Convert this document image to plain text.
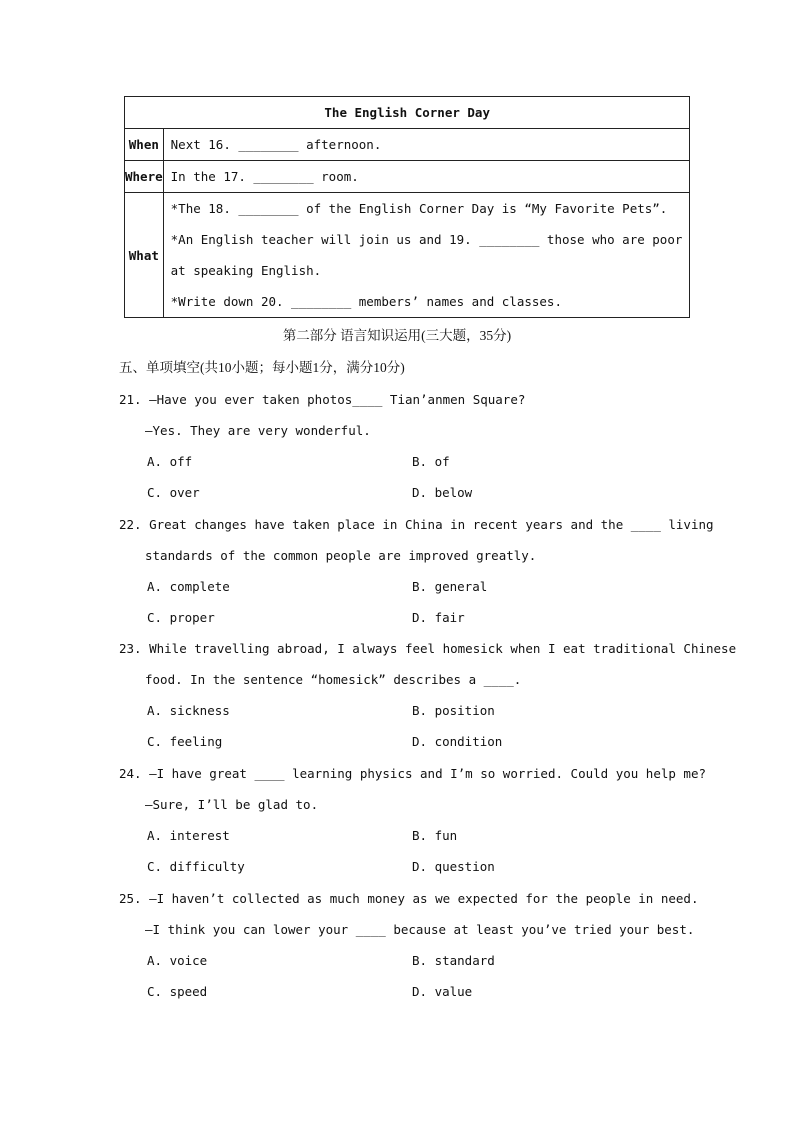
The English Corner Day	
When	Next 16. ________ afternoon.
Where	In the 17. ________ room.
What	*The 18. ________ of the English Corner Day is “My Favorite Pets”.
*An English teacher will join us and 19. ________ those who are poor
at speaking English.
*Write down 20. ________ members’ names and classes.
第二部分 语言知识运用(三大题，35分)
五、单项填空(共10小题；每小题1分，满分10分)
21. —Have you ever taken photos____ Tian’anmen Square?
—Yes. They are very wonderful.
A. off	B. of
C. over	D. below
22. Great changes have taken place in China in recent years and the ____ living
standards of the common people are improved greatly.
A. complete	B. general
C. proper	D. fair
23. While travelling abroad, I always feel homesick when I eat traditional Chinese
food. In the sentence “homesick” describes a ____.
A. sickness	B. position
C. feeling	D. condition
24. —I have great ____ learning physics and I’m so worried. Could you help me?
—Sure, I’ll be glad to.
A. interest	B. fun
C. difficulty	D. question
25. —I haven’t collected as much money as we expected for the people in need.
—I think you can lower your ____ because at least you’ve tried your best.
A. voice	B. standard
C. speed	D. value
